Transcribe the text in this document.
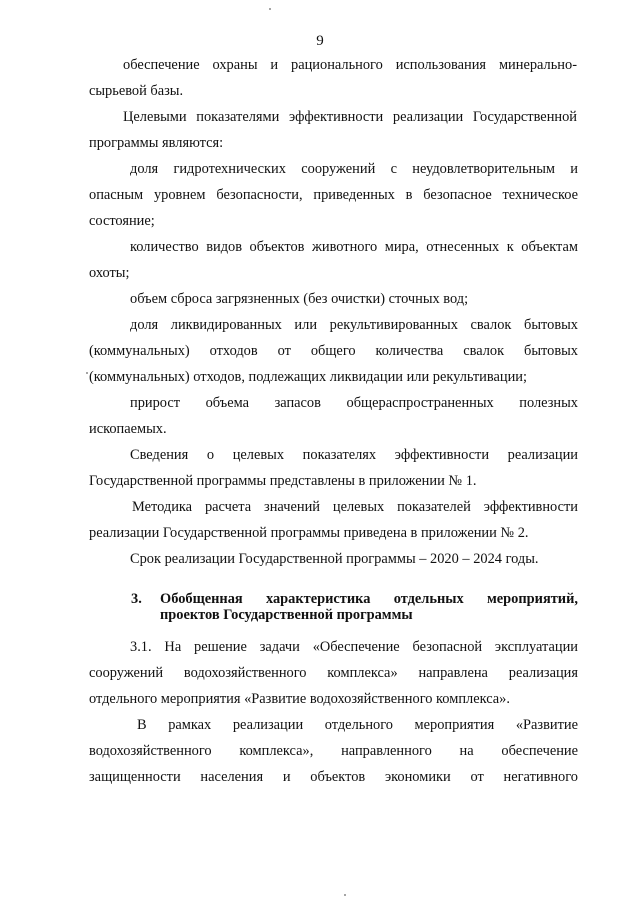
9
обеспечение охраны и рационального использования минерально-
сырьевой базы.
Целевыми показателями эффективности реализации Государственной
программы являются:
доля гидротехнических сооружений с неудовлетворительным и
опасным уровнем безопасности, приведенных в безопасное техническое
состояние;
количество видов объектов животного мира, отнесенных к объектам
охоты;
объем сброса загрязненных (без очистки) сточных вод;
доля ликвидированных или рекультивированных свалок бытовых
(коммунальных) отходов от общего количества свалок бытовых
(коммунальных) отходов, подлежащих ликвидации или рекультивации;
прирост объема запасов общераспространенных полезных
ископаемых.
Сведения о целевых показателях эффективности реализации
Государственной программы представлены в приложении № 1.
Методика расчета значений целевых показателей эффективности
реализации Государственной программы приведена в приложении № 2.
Срок реализации Государственной программы – 2020 – 2024 годы.
3. Обобщенная характеристика отдельных мероприятий,
проектов Государственной программы
3.1. На решение задачи «Обеспечение безопасной эксплуатации
сооружений водохозяйственного комплекса» направлена реализация
отдельного мероприятия «Развитие водохозяйственного комплекса».
В рамках реализации отдельного мероприятия «Развитие
водохозяйственного комплекса», направленного на обеспечение
защищенности населения и объектов экономики от негативного
